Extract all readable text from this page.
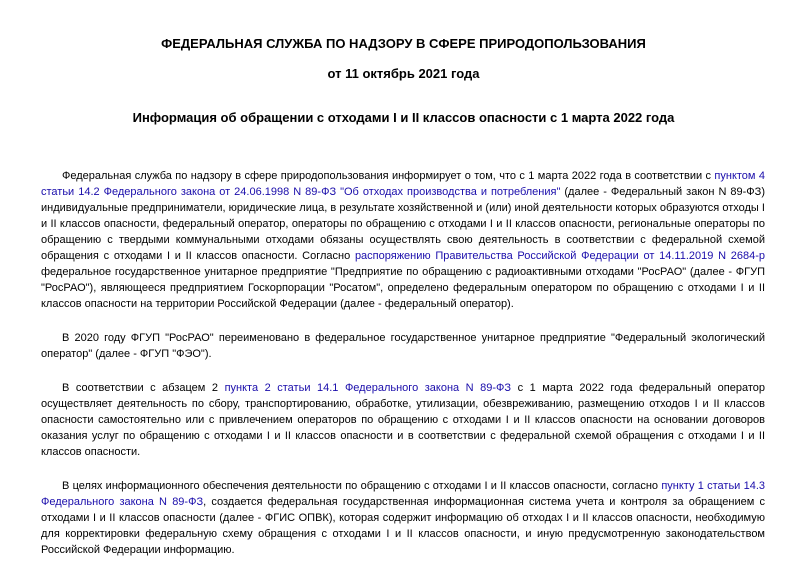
ФЕДЕРАЛЬНАЯ СЛУЖБА ПО НАДЗОРУ В СФЕРЕ ПРИРОДОПОЛЬЗОВАНИЯ
от 11 октябрь 2021 года
Информация об обращении с отходами I и II классов опасности с 1 марта 2022 года

Федеральная служба по надзору в сфере природопользования информирует о том, что с 1 марта 2022 года в соответствии с пунктом 4 статьи 14.2 Федерального закона от 24.06.1998 N 89-ФЗ "Об отходах производства и потребления" (далее - Федеральный закон N 89-ФЗ) индивидуальные предприниматели, юридические лица, в результате хозяйственной и (или) иной деятельности которых образуются отходы I и II классов опасности, федеральный оператор, операторы по обращению с отходами I и II классов опасности, региональные операторы по обращению с твердыми коммунальными отходами обязаны осуществлять свою деятельность в соответствии с федеральной схемой обращения с отходами I и II классов опасности. Согласно распоряжению Правительства Российской Федерации от 14.11.2019 N 2684-р федеральное государственное унитарное предприятие "Предприятие по обращению с радиоактивными отходами "РосРАО" (далее - ФГУП "РосРАО"), являющееся предприятием Госкорпорации "Росатом", определено федеральным оператором по обращению с отходами I и II классов опасности на территории Российской Федерации (далее - федеральный оператор).

В 2020 году ФГУП "РосРАО" переименовано в федеральное государственное унитарное предприятие "Федеральный экологический оператор" (далее - ФГУП "ФЭО").

В соответствии с абзацем 2 пункта 2 статьи 14.1 Федерального закона N 89-ФЗ с 1 марта 2022 года федеральный оператор осуществляет деятельность по сбору, транспортированию, обработке, утилизации, обезвреживанию, размещению отходов I и II классов опасности самостоятельно или с привлечением операторов по обращению с отходами I и II классов опасности на основании договоров оказания услуг по обращению с отходами I и II классов опасности и в соответствии с федеральной схемой обращения с отходами I и II классов опасности.

В целях информационного обеспечения деятельности по обращению с отходами I и II классов опасности, согласно пункту 1 статьи 14.3 Федерального закона N 89-ФЗ, создается федеральная государственная информационная система учета и контроля за обращением с отходами I и II классов опасности (далее - ФГИС ОПВК), которая содержит информацию об отходах I и II классов опасности, необходимую для корректировки федеральную схему обращения с отходами I и II классов опасности, и иную предусмотренную законодательством Российской Федерации информацию.
